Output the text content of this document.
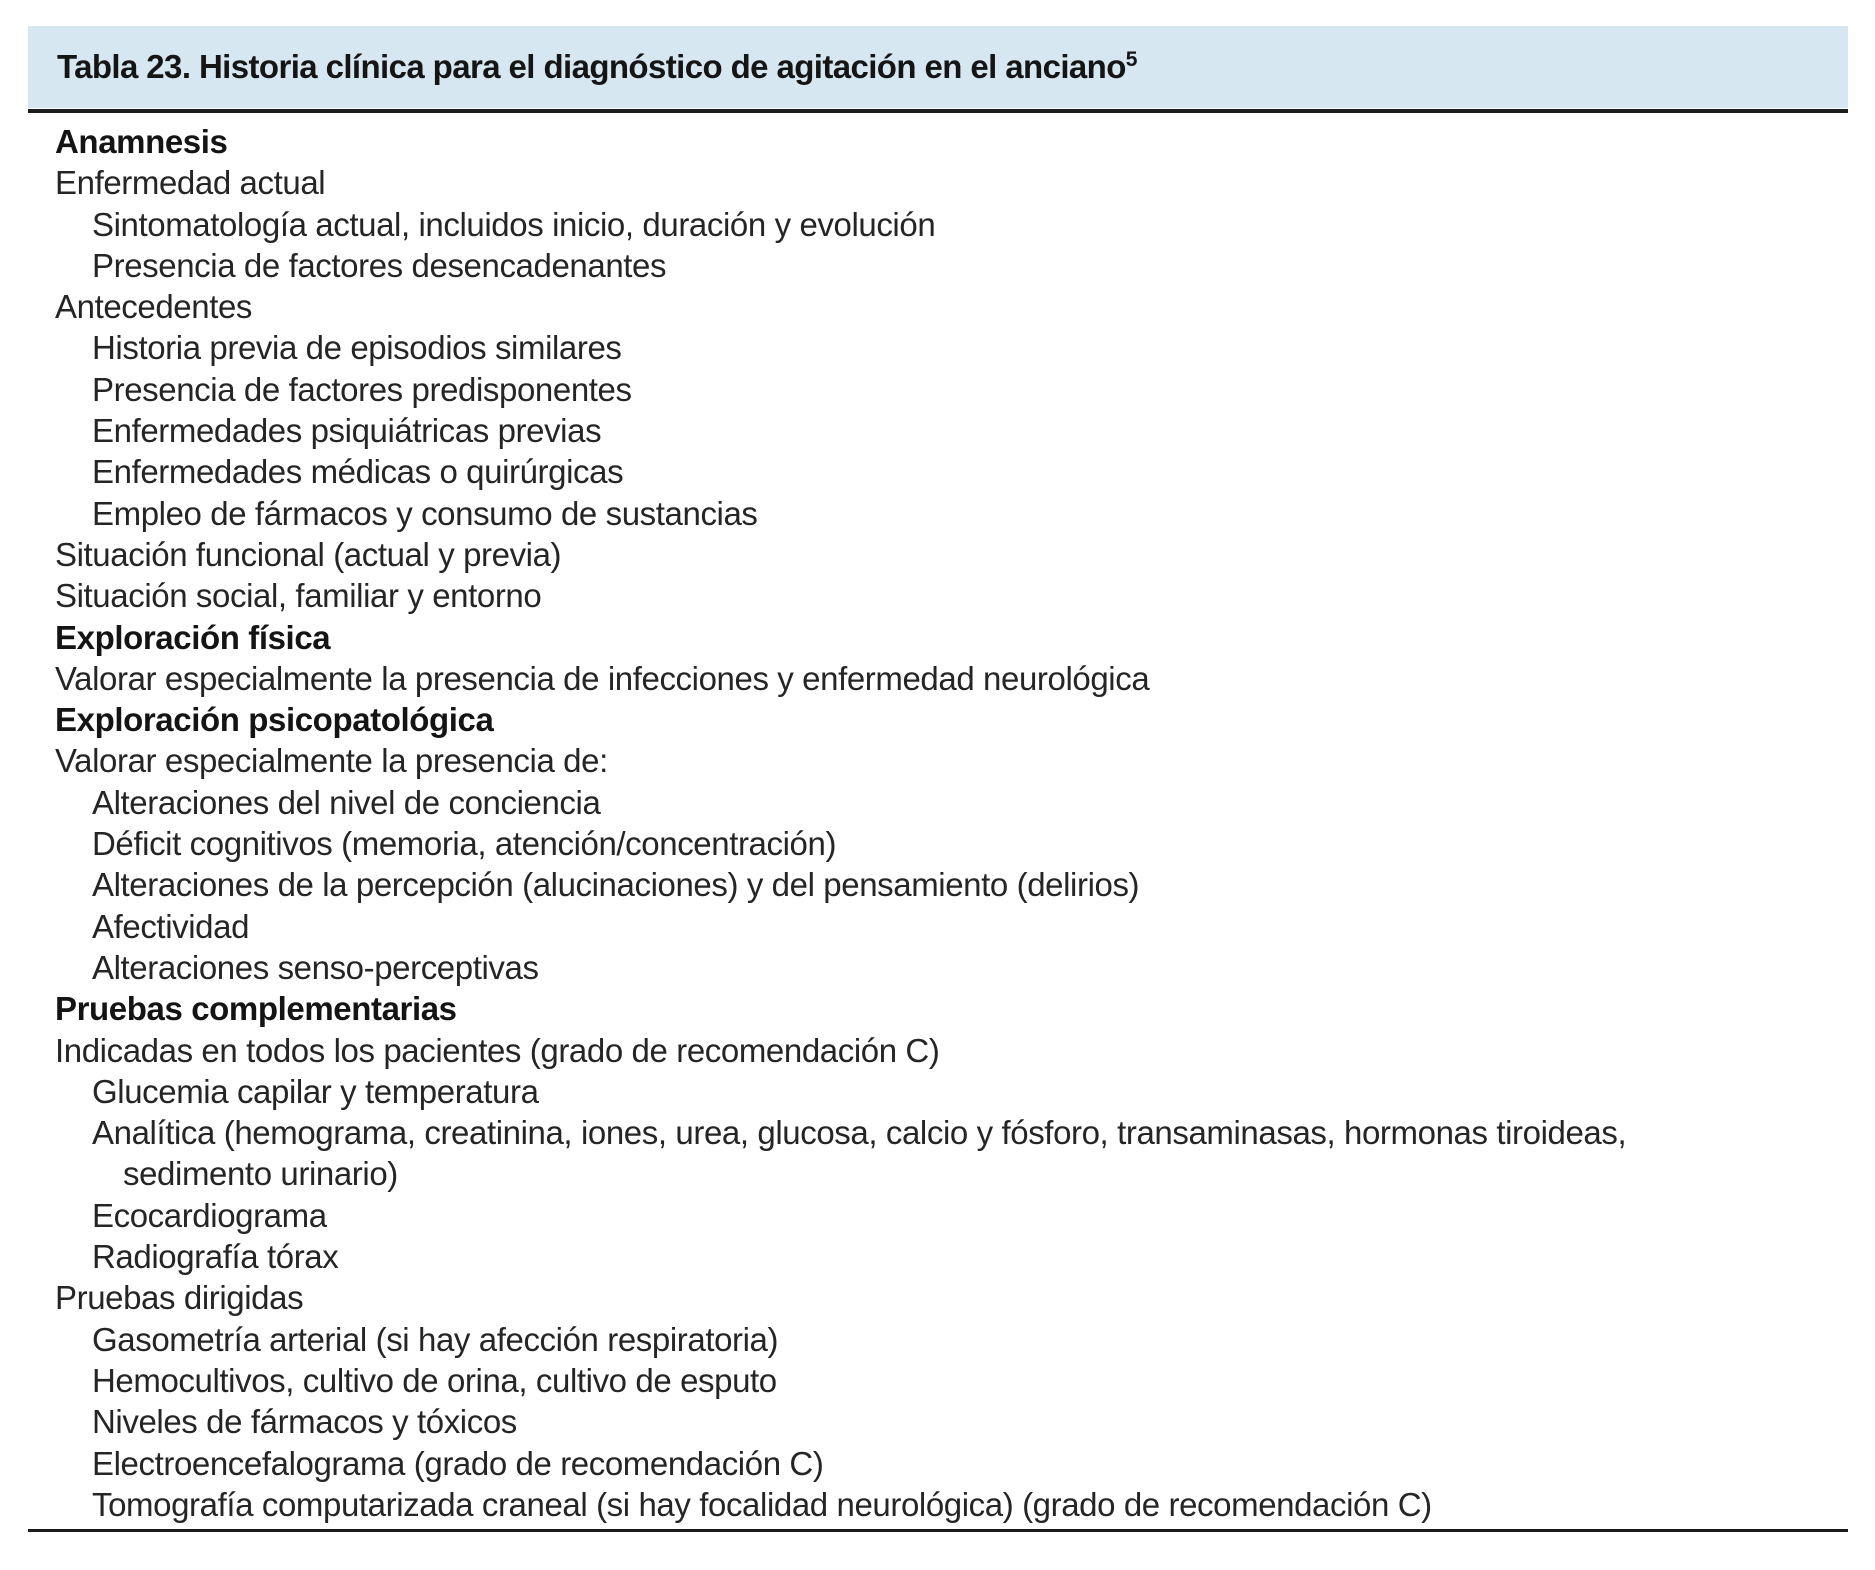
Tabla 23. Historia clínica para el diagnóstico de agitación en el anciano$^5$
Anamnesis
Enfermedad actual
Sintomatología actual, incluidos inicio, duración y evolución
Presencia de factores desencadenantes
Antecedentes
Historia previa de episodios similares
Presencia de factores predisponentes
Enfermedades psiquiátricas previas
Enfermedades médicas o quirúrgicas
Empleo de fármacos y consumo de sustancias
Situación funcional (actual y previa)
Situación social, familiar y entorno
Exploración física
Valorar especialmente la presencia de infecciones y enfermedad neurológica
Exploración psicopatológica
Valorar especialmente la presencia de:
Alteraciones del nivel de conciencia
Déficit cognitivos (memoria, atención/concentración)
Alteraciones de la percepción (alucinaciones) y del pensamiento (delirios)
Afectividad
Alteraciones senso-perceptivas
Pruebas complementarias
Indicadas en todos los pacientes (grado de recomendación C)
Glucemia capilar y temperatura
Analítica (hemograma, creatinina, iones, urea, glucosa, calcio y fósforo, transaminasas, hormonas tiroideas,
sedimento urinario)
Ecocardiograma
Radiografía tórax
Pruebas dirigidas
Gasometría arterial (si hay afección respiratoria)
Hemocultivos, cultivo de orina, cultivo de esputo
Niveles de fármacos y tóxicos
Electroencefalograma (grado de recomendación C)
Tomografía computarizada craneal (si hay focalidad neurológica) (grado de recomendación C)
